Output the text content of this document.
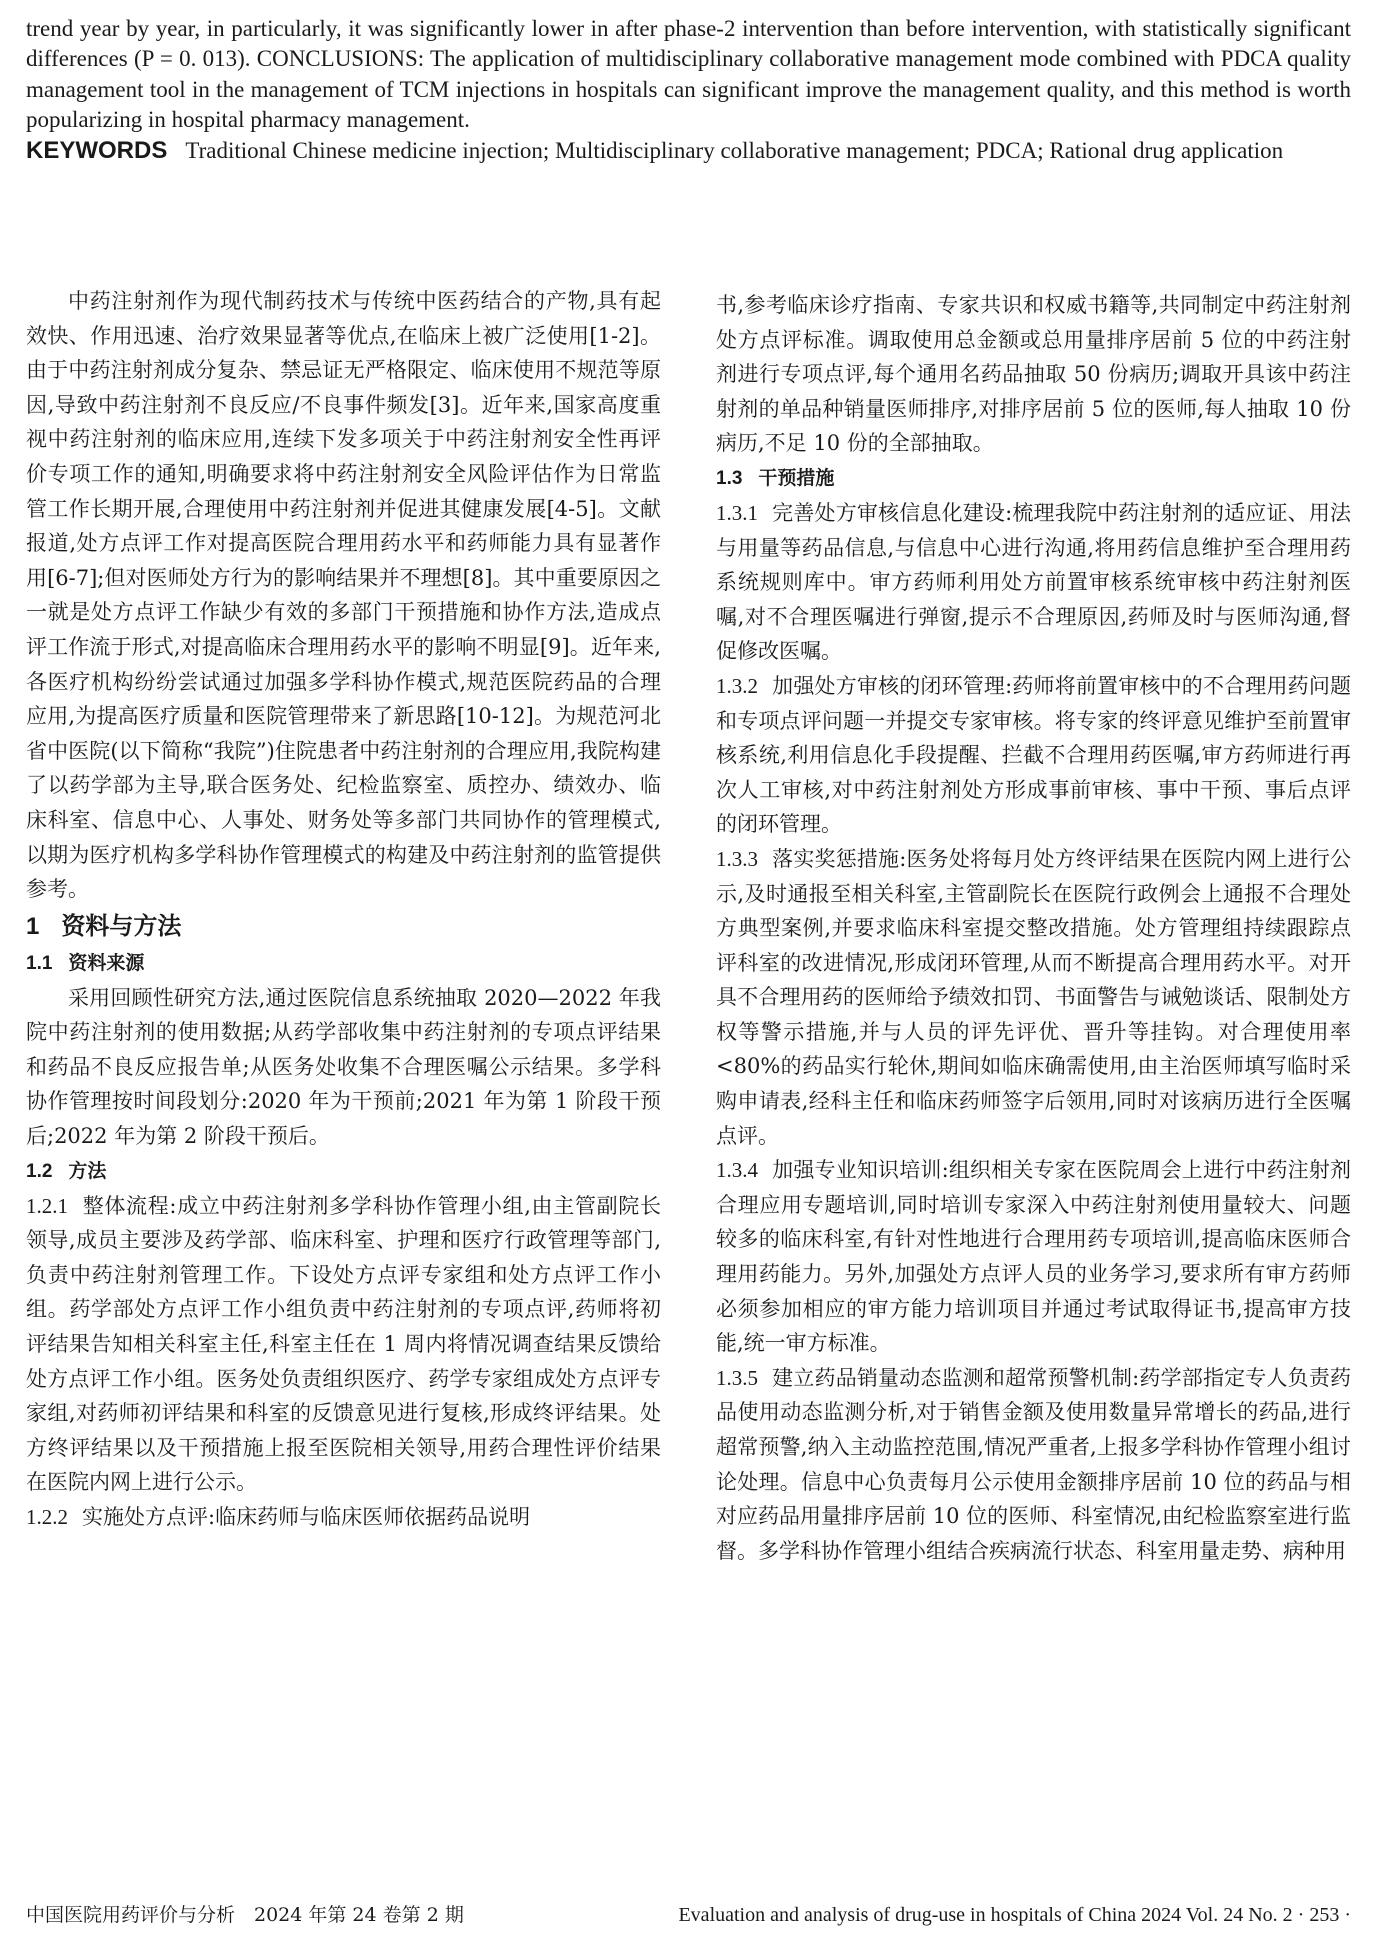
trend year by year, in particularly, it was significantly lower in after phase-2 intervention than before intervention, with statistically significant differences (P = 0. 013). CONCLUSIONS: The application of multidisciplinary collaborative management mode combined with PDCA quality management tool in the management of TCM injections in hospitals can significant improve the management quality, and this method is worth popularizing in hospital pharmacy management.
KEYWORDS Traditional Chinese medicine injection; Multidisciplinary collaborative management; PDCA; Rational drug application

中药注射剂作为现代制药技术与传统中医药结合的产物,具有起效快、作用迅速、治疗效果显著等优点,在临床上被广泛使用[1-2]。由于中药注射剂成分复杂、禁忌证无严格限定、临床使用不规范等原因,导致中药注射剂不良反应/不良事件频发[3]。近年来,国家高度重视中药注射剂的临床应用,连续下发多项关于中药注射剂安全性再评价专项工作的通知,明确要求将中药注射剂安全风险评估作为日常监管工作长期开展,合理使用中药注射剂并促进其健康发展[4-5]。文献报道,处方点评工作对提高医院合理用药水平和药师能力具有显著作用[6-7];但对医师处方行为的影响结果并不理想[8]。其中重要原因之一就是处方点评工作缺少有效的多部门干预措施和协作方法,造成点评工作流于形式,对提高临床合理用药水平的影响不明显[9]。近年来,各医疗机构纷纷尝试通过加强多学科协作模式,规范医院药品的合理应用,为提高医疗质量和医院管理带来了新思路[10-12]。为规范河北省中医院(以下简称“我院”)住院患者中药注射剂的合理应用,我院构建了以药学部为主导,联合医务处、纪检监察室、质控办、绩效办、临床科室、信息中心、人事处、财务处等多部门共同协作的管理模式,以期为医疗机构多学科协作管理模式的构建及中药注射剂的监管提供参考。

1 资料与方法
1.1 资料来源

采用回顾性研究方法,通过医院信息系统抽取 2020—2022 年我院中药注射剂的使用数据;从药学部收集中药注射剂的专项点评结果和药品不良反应报告单;从医务处收集不合理医嘱公示结果。多学科协作管理按时间段划分:2020 年为干预前;2021 年为第 1 阶段干预后;2022 年为第 2 阶段干预后。

1.2 方法

1.2.1 整体流程:成立中药注射剂多学科协作管理小组,由主管副院长领导,成员主要涉及药学部、临床科室、护理和医疗行政管理等部门,负责中药注射剂管理工作。下设处方点评专家组和处方点评工作小组。药学部处方点评工作小组负责中药注射剂的专项点评,药师将初评结果告知相关科室主任,科室主任在 1 周内将情况调查结果反馈给处方点评工作小组。医务处负责组织医疗、药学专家组成处方点评专家组,对药师初评结果和科室的反馈意见进行复核,形成终评结果。处方终评结果以及干预措施上报至医院相关领导,用药合理性评价结果在医院内网上进行公示。

1.2.2 实施处方点评:临床药师与临床医师依据药品说明

书,参考临床诊疗指南、专家共识和权威书籍等,共同制定中药注射剂处方点评标准。调取使用总金额或总用量排序居前 5 位的中药注射剂进行专项点评,每个通用名药品抽取 50 份病历;调取开具该中药注射剂的单品种销量医师排序,对排序居前 5 位的医师,每人抽取 10 份病历,不足 10 份的全部抽取。

1.3 干预措施

1.3.1 完善处方审核信息化建设:梳理我院中药注射剂的适应证、用法与用量等药品信息,与信息中心进行沟通,将用药信息维护至合理用药系统规则库中。审方药师利用处方前置审核系统审核中药注射剂医嘱,对不合理医嘱进行弹窗,提示不合理原因,药师及时与医师沟通,督促修改医嘱。

1.3.2 加强处方审核的闭环管理:药师将前置审核中的不合理用药问题和专项点评问题一并提交专家审核。将专家的终评意见维护至前置审核系统,利用信息化手段提醒、拦截不合理用药医嘱,审方药师进行再次人工审核,对中药注射剂处方形成事前审核、事中干预、事后点评的闭环管理。

1.3.3 落实奖惩措施:医务处将每月处方终评结果在医院内网上进行公示,及时通报至相关科室,主管副院长在医院行政例会上通报不合理处方典型案例,并要求临床科室提交整改措施。处方管理组持续跟踪点评科室的改进情况,形成闭环管理,从而不断提高合理用药水平。对开具不合理用药的医师给予绩效扣罚、书面警告与诫勉谈话、限制处方权等警示措施,并与人员的评先评优、晋升等挂钩。对合理使用率<80%的药品实行轮休,期间如临床确需使用,由主治医师填写临时采购申请表,经科主任和临床药师签字后领用,同时对该病历进行全医嘱点评。

1.3.4 加强专业知识培训:组织相关专家在医院周会上进行中药注射剂合理应用专题培训,同时培训专家深入中药注射剂使用量较大、问题较多的临床科室,有针对性地进行合理用药专项培训,提高临床医师合理用药能力。另外,加强处方点评人员的业务学习,要求所有审方药师必须参加相应的审方能力培训项目并通过考试取得证书,提高审方技能,统一审方标准。

1.3.5 建立药品销量动态监测和超常预警机制:药学部指定专人负责药品使用动态监测分析,对于销售金额及使用数量异常增长的药品,进行超常预警,纳入主动监控范围,情况严重者,上报多学科协作管理小组讨论处理。信息中心负责每月公示使用金额排序居前 10 位的药品与相对应药品用量排序居前 10 位的医师、科室情况,由纪检监察室进行监督。多学科协作管理小组结合疾病流行状态、科室用量走势、病种用

中国医院用药评价与分析　2024 年第 24 卷第 2 期	Evaluation and analysis of drug-use in hospitals of China 2024 Vol. 24 No. 2 · 253 ·
